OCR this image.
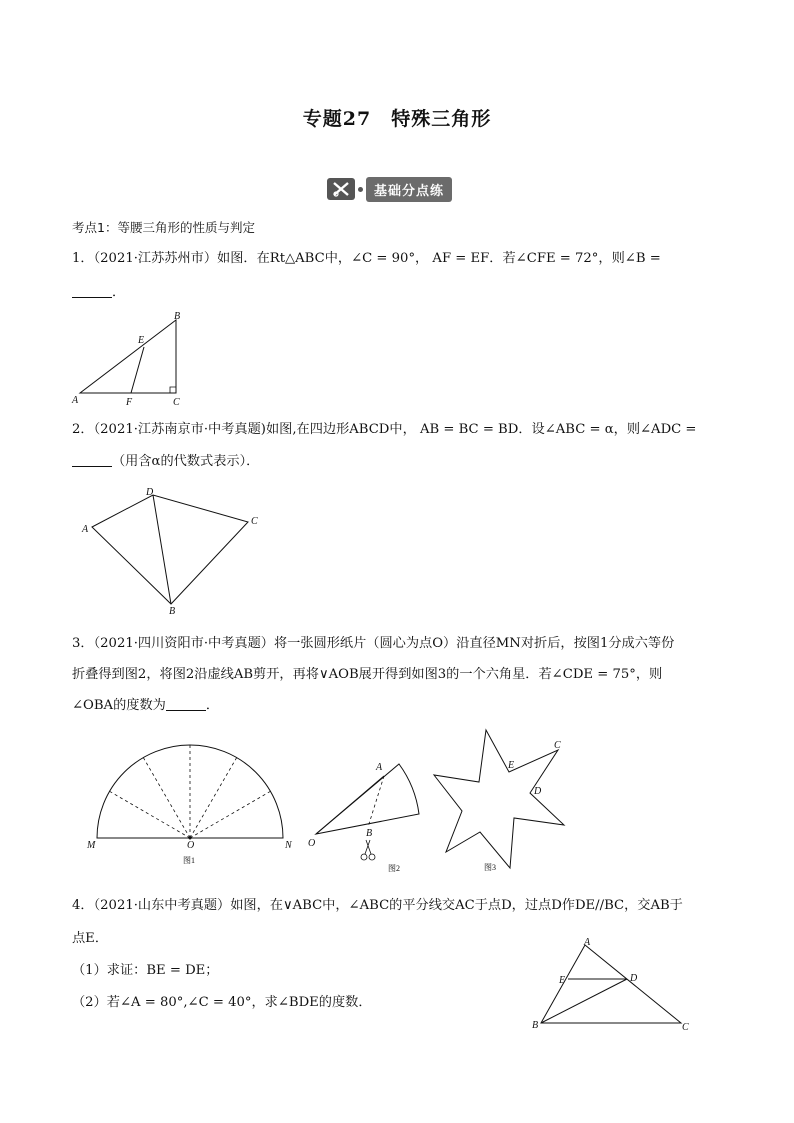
专题27　特殊三角形
基础分点练
考点1：等腰三角形的性质与判定
1．（2021·江苏苏州市）如图．在Rt△ABC中，∠C = 90°， AF = EF．若∠CFE = 72°，则∠B =
．
B
E
A	F	C
2．（2021·江苏南京市·中考真题)如图,在四边形ABCD中， AB = BC = BD．设∠ABC = α，则∠ADC =
（用含α的代数式表示）．
D
A
C
B
3．（2021·四川资阳市·中考真题）将一张圆形纸片（圆心为点O）沿直径MN对折后，按图1分成六等份
折叠得到图2，将图2沿虚线AB剪开，再将∨AOB展开得到如图3的一个六角星．若∠CDE = 75°，则
∠OBA的度数为	．
M	O	N
图1
A
B
O
图2
C
E
D
图3
4．（2021·山东中考真题）如图，在∨ABC中，∠ABC的平分线交AC于点D，过点D作DE//BC，交AB于
点E．
（1）求证：BE = DE；
（2）若∠A = 80°,∠C = 40°，求∠BDE的度数．
A
E	D
B	C
